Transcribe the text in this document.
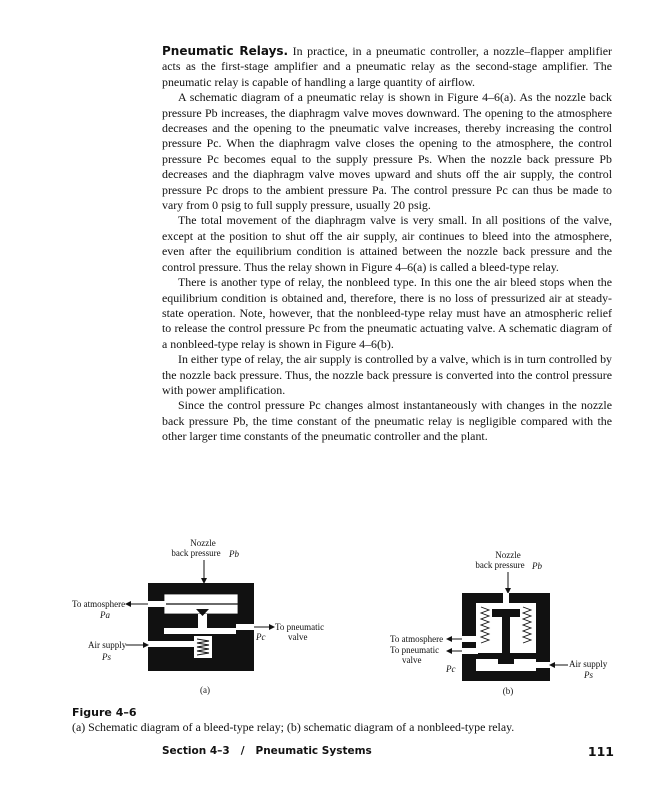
Pneumatic Relays. In practice, in a pneumatic controller, a nozzle–flapper amplifier acts as the first-stage amplifier and a pneumatic relay as the second-stage amplifier. The pneumatic relay is capable of handling a large quantity of airflow.

A schematic diagram of a pneumatic relay is shown in Figure 4–6(a). As the nozzle back pressure Pb increases, the diaphragm valve moves downward. The opening to the atmosphere decreases and the opening to the pneumatic valve increases, thereby increasing the control pressure Pc. When the diaphragm valve closes the opening to the atmosphere, the control pressure Pc becomes equal to the supply pressure Ps. When the nozzle back pressure Pb decreases and the diaphragm valve moves upward and shuts off the air supply, the control pressure Pc drops to the ambient pressure Pa. The control pressure Pc can thus be made to vary from 0 psig to full supply pressure, usually 20 psig.

The total movement of the diaphragm valve is very small. In all positions of the valve, except at the position to shut off the air supply, air continues to bleed into the atmosphere, even after the equilibrium condition is attained between the nozzle back pressure and the control pressure. Thus the relay shown in Figure 4–6(a) is called a bleed-type relay.

There is another type of relay, the nonbleed type. In this one the air bleed stops when the equilibrium condition is obtained and, therefore, there is no loss of pressurized air at steady-state operation. Note, however, that the nonbleed-type relay must have an atmospheric relief to release the control pressure Pc from the pneumatic actuating valve. A schematic diagram of a nonbleed-type relay is shown in Figure 4–6(b).

In either type of relay, the air supply is controlled by a valve, which is in turn controlled by the nozzle back pressure. Thus, the nozzle back pressure is converted into the control pressure with power amplification.

Since the control pressure Pc changes almost instantaneously with changes in the nozzle back pressure Pb, the time constant of the pneumatic relay is negligible compared with the other larger time constants of the pneumatic controller and the plant.

Nozzle
back pressure Pb
To atmosphere
Pa
Air supply
Ps
To pneumatic
valve
Pc
(a)
Nozzle
back pressure Pb
To atmosphere
To pneumatic
valve
Pc	Air supply
Ps
(b)
Figure 4–6
(a) Schematic diagram of a bleed-type relay; (b) schematic diagram of a nonbleed-type relay.
Section 4–3   /   Pneumatic Systems	111
